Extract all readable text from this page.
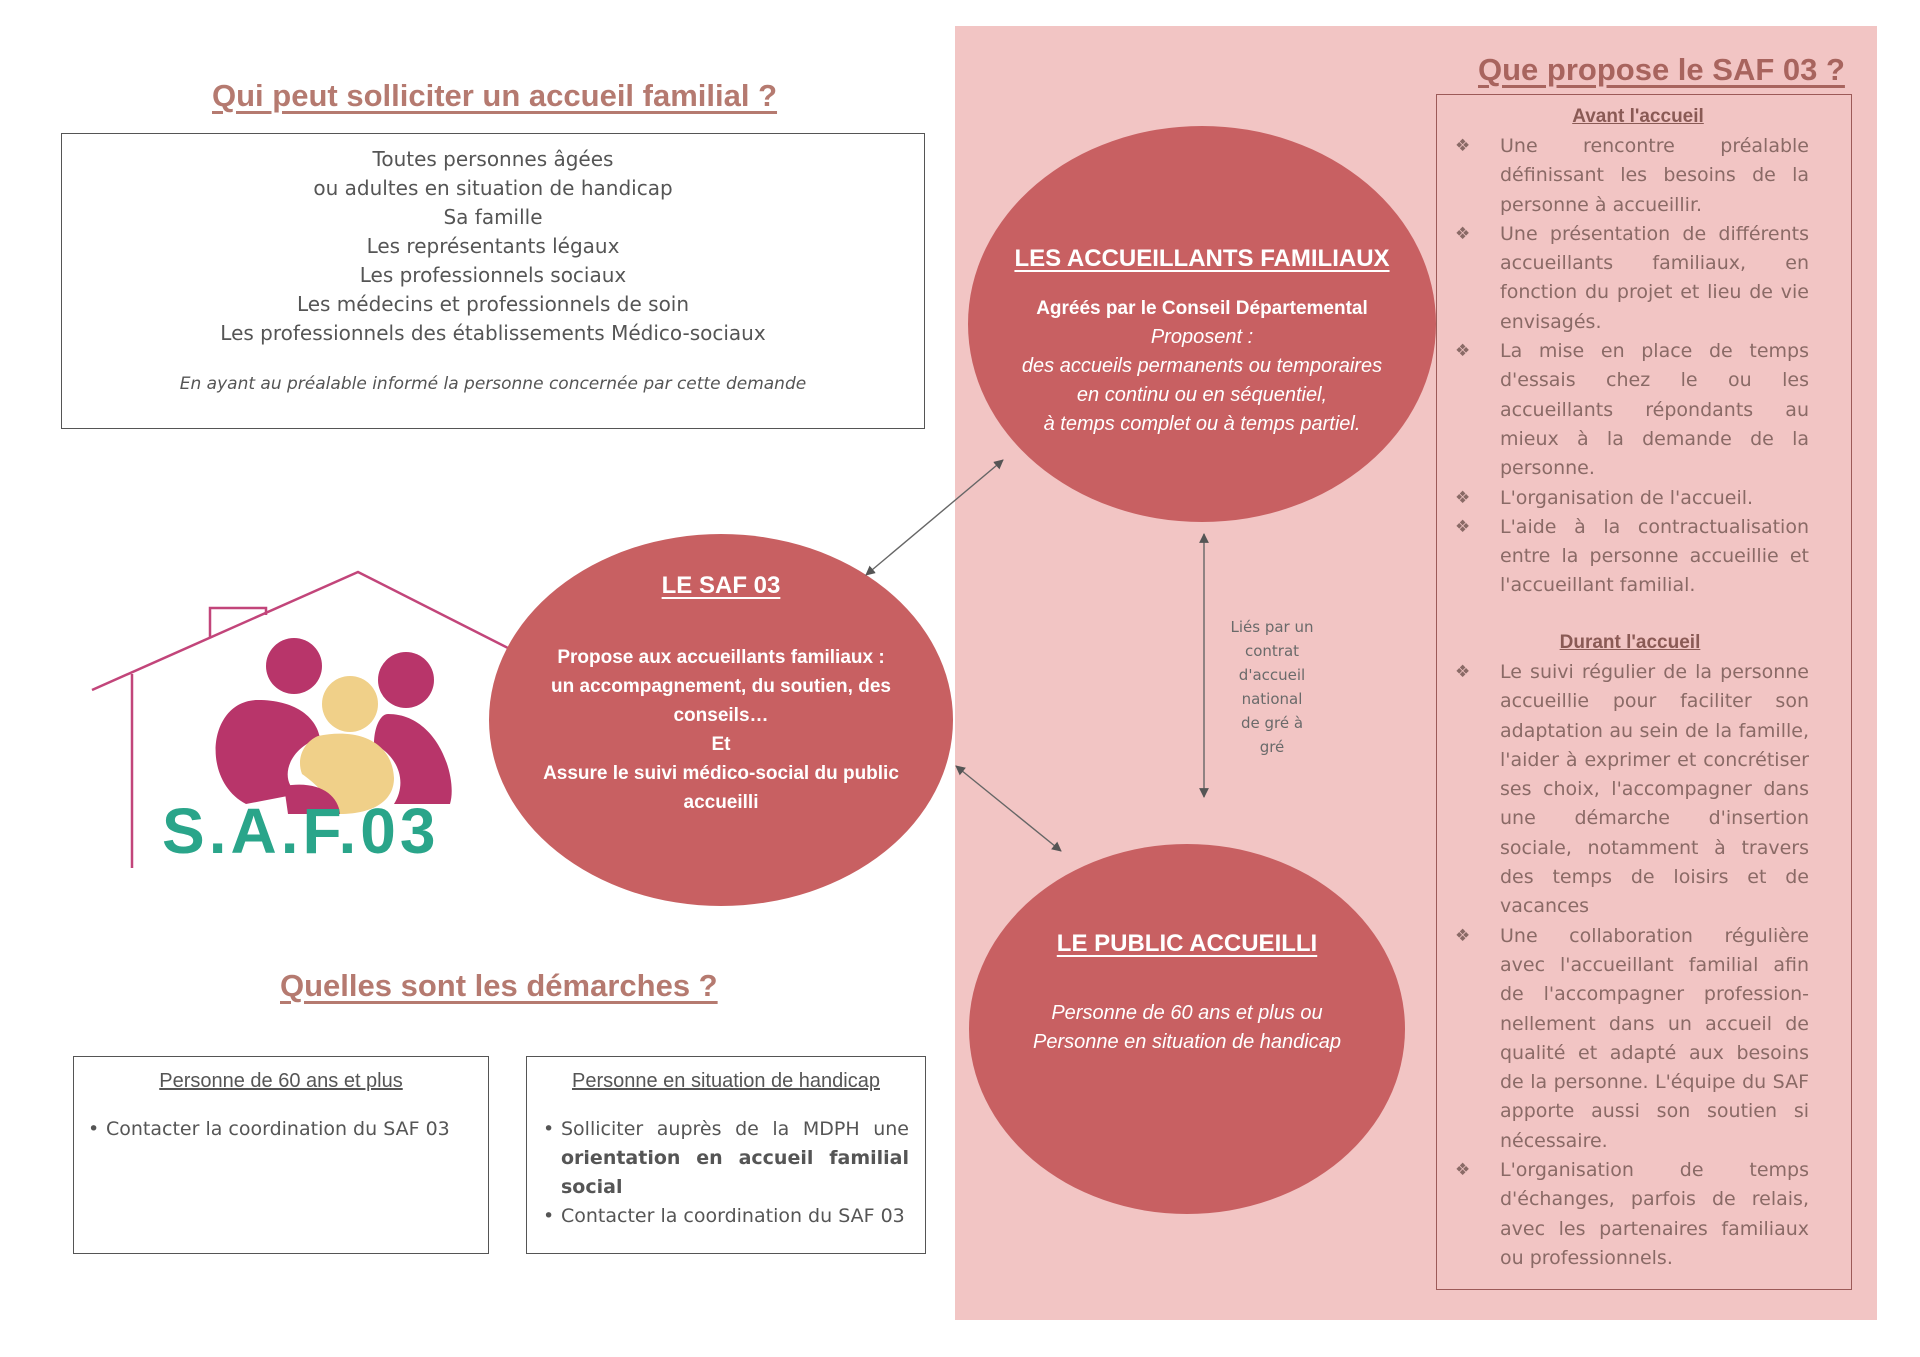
Qui peut solliciter un accueil familial ?
Toutes personnes âgées
ou adultes en situation de handicap
Sa famille
Les représentants légaux
Les professionnels sociaux
Les médecins et professionnels de soin
Les professionnels des établissements Médico-sociaux
En ayant au préalable informé la personne concernée par cette demande
S.A.F.03
LE SAF 03
Propose aux accueillants familiaux :
un accompagnement, du soutien, des
conseils…
Et
Assure le suivi médico-social du public
accueilli
LES ACCUEILLANTS FAMILIAUX
Agréés par le Conseil Départemental
Proposent :
des accueils permanents ou temporaires
en continu ou en séquentiel,
à temps complet ou à temps partiel.
LE PUBLIC ACCUEILLI
Personne de 60 ans et plus ou
Personne en situation de handicap
Liés par un
contrat
d'accueil
national
de gré à
gré
Que propose le SAF 03 ?
Avant l'accueil
❖ Une rencontre préalable définissant les besoins de la personne à accueillir.
❖ Une présentation de différents accueillants familiaux, en fonction du projet et lieu de vie envisagés.
❖ La mise en place de temps d'essais chez le ou les accueillants répondants au mieux à la demande de la personne.
❖ L'organisation de l'accueil.
❖ L'aide à la contractualisation entre la personne accueillie et l'accueillant familial.
Durant l'accueil
❖ Le suivi régulier de la personne accueillie pour faciliter son adaptation au sein de la famille, l'aider à exprimer et concrétiser ses choix, l'accompagner dans une démarche d'insertion sociale, notamment à travers des temps de loisirs et de vacances
❖ Une collaboration régulière avec l'accueillant familial afin de l'accompagner profession-nellement dans un accueil de qualité et adapté aux besoins de la personne. L'équipe du SAF apporte aussi son soutien si nécessaire.
❖ L'organisation de temps d'échanges, parfois de relais, avec les partenaires familiaux ou professionnels.
Quelles sont les démarches ?
Personne de 60 ans et plus
• Contacter la coordination du SAF 03
Personne en situation de handicap
• Solliciter auprès de la MDPH une orientation en accueil familial social
• Contacter la coordination du SAF 03
